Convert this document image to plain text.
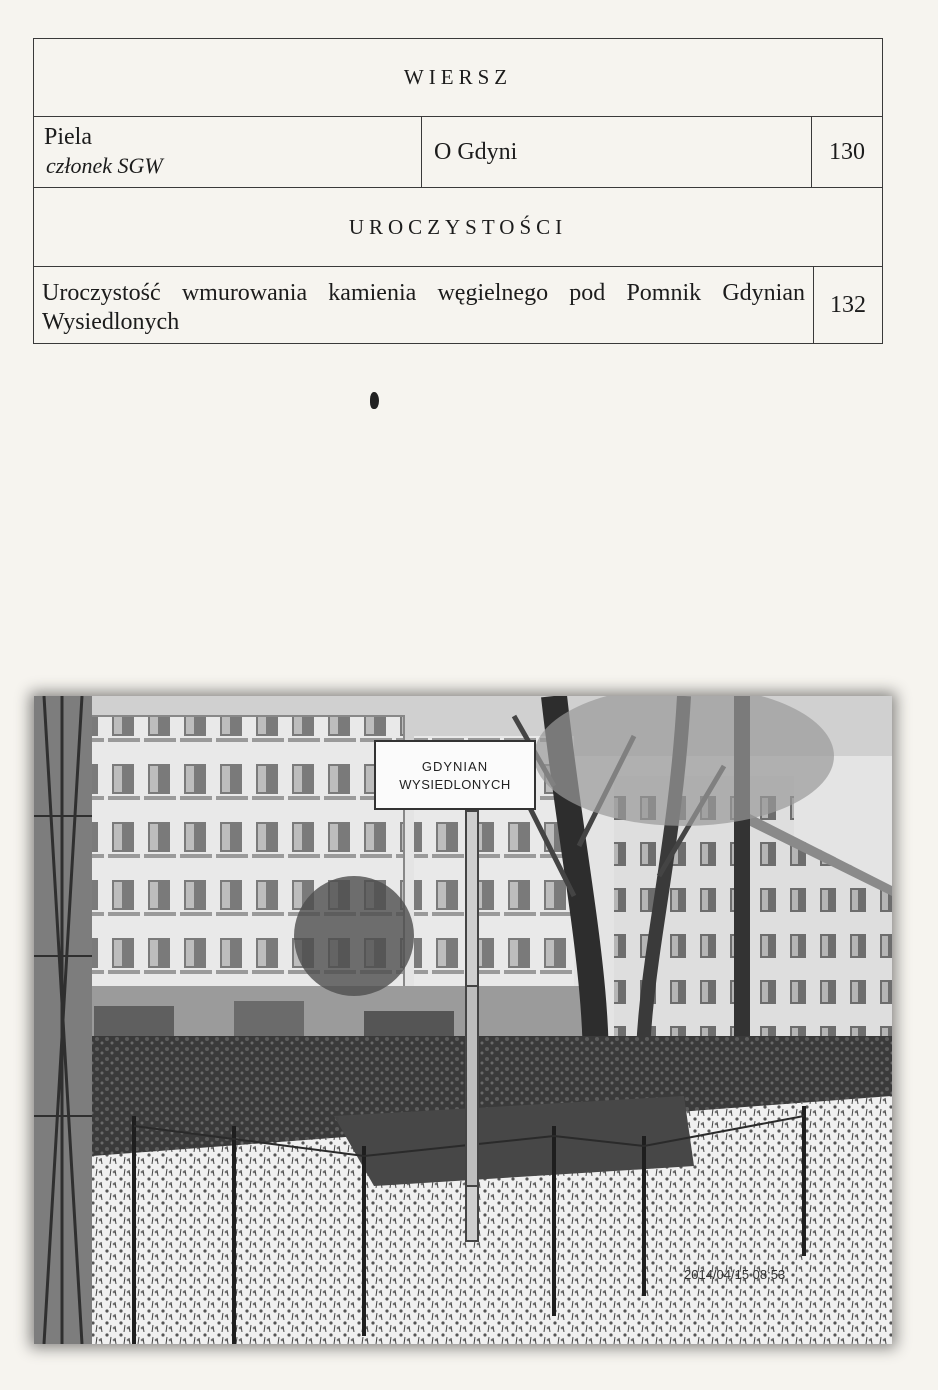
WIERSZ
Piela
członek SGW
O Gdyni	130
UROCZYSTOŚCI
Uroczystość wmurowania kamienia węgielnego pod Pomnik Gdynian Wysiedlonych
132
GDYNIAN
WYSIEDLONYCH
2014/04/15 08:53
